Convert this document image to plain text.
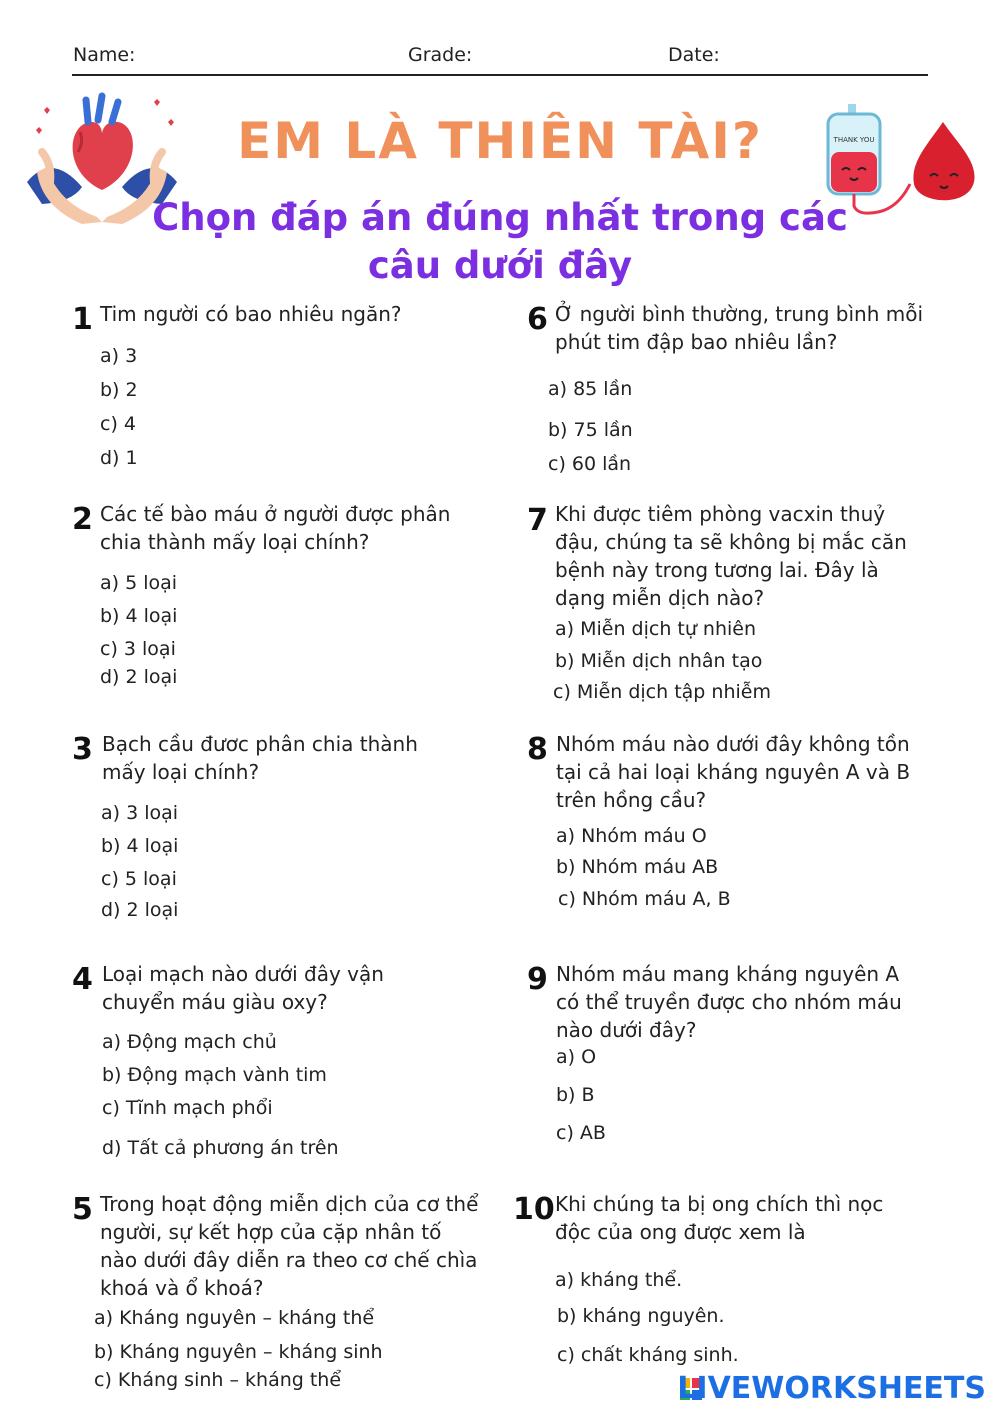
Name:	Grade:	Date:
EM LÀ THIÊN TÀI?	THANK YOU
Chọn đáp án đúng nhất trong các
câu dưới đây
1 Tim người có bao nhiêu ngăn?
a) 3
b) 2
c) 4
d) 1
2 Các tế bào máu ở người được phân chia thành mấy loại chính?
a) 5 loại
b) 4 loại
c) 3 loại
d) 2 loại
3 Bạch cầu đươc phân chia thành mấy loại chính?
a) 3 loại
b) 4 loại
c) 5 loại
d) 2 loại
4 Loại mạch nào dưới đây vận chuyển máu giàu oxy?
a) Động mạch chủ
b) Động mạch vành tim
c) Tĩnh mạch phổi
d) Tất cả phương án trên
5 Trong hoạt động miễn dịch của cơ thể người, sự kết hợp của cặp nhân tố nào dưới đây diễn ra theo cơ chế chìa khoá và ổ khoá?
a) Kháng nguyên – kháng thể
b) Kháng nguyên – kháng sinh
c) Kháng sinh – kháng thể
6 Ở người bình thường, trung bình mỗi phút tim đập bao nhiêu lần?
a) 85 lần
b) 75 lần
c) 60 lần
7 Khi được tiêm phòng vacxin thuỷ đậu, chúng ta sẽ không bị mắc căn bệnh này trong tương lai. Đây là dạng miễn dịch nào?
a) Miễn dịch tự nhiên
b) Miễn dịch nhân tạo
c) Miễn dịch tập nhiễm
8 Nhóm máu nào dưới đây không tồn tại cả hai loại kháng nguyên A và B trên hồng cầu?
a) Nhóm máu O
b) Nhóm máu AB
c) Nhóm máu A, B
9 Nhóm máu mang kháng nguyên A có thể truyền được cho nhóm máu nào dưới đây?
a) O
b) B
c) AB
10 Khi chúng ta bị ong chích thì nọc độc của ong được xem là
a) kháng thể.
b) kháng nguyên.
c) chất kháng sinh.
LIVEWORKSHEETS
